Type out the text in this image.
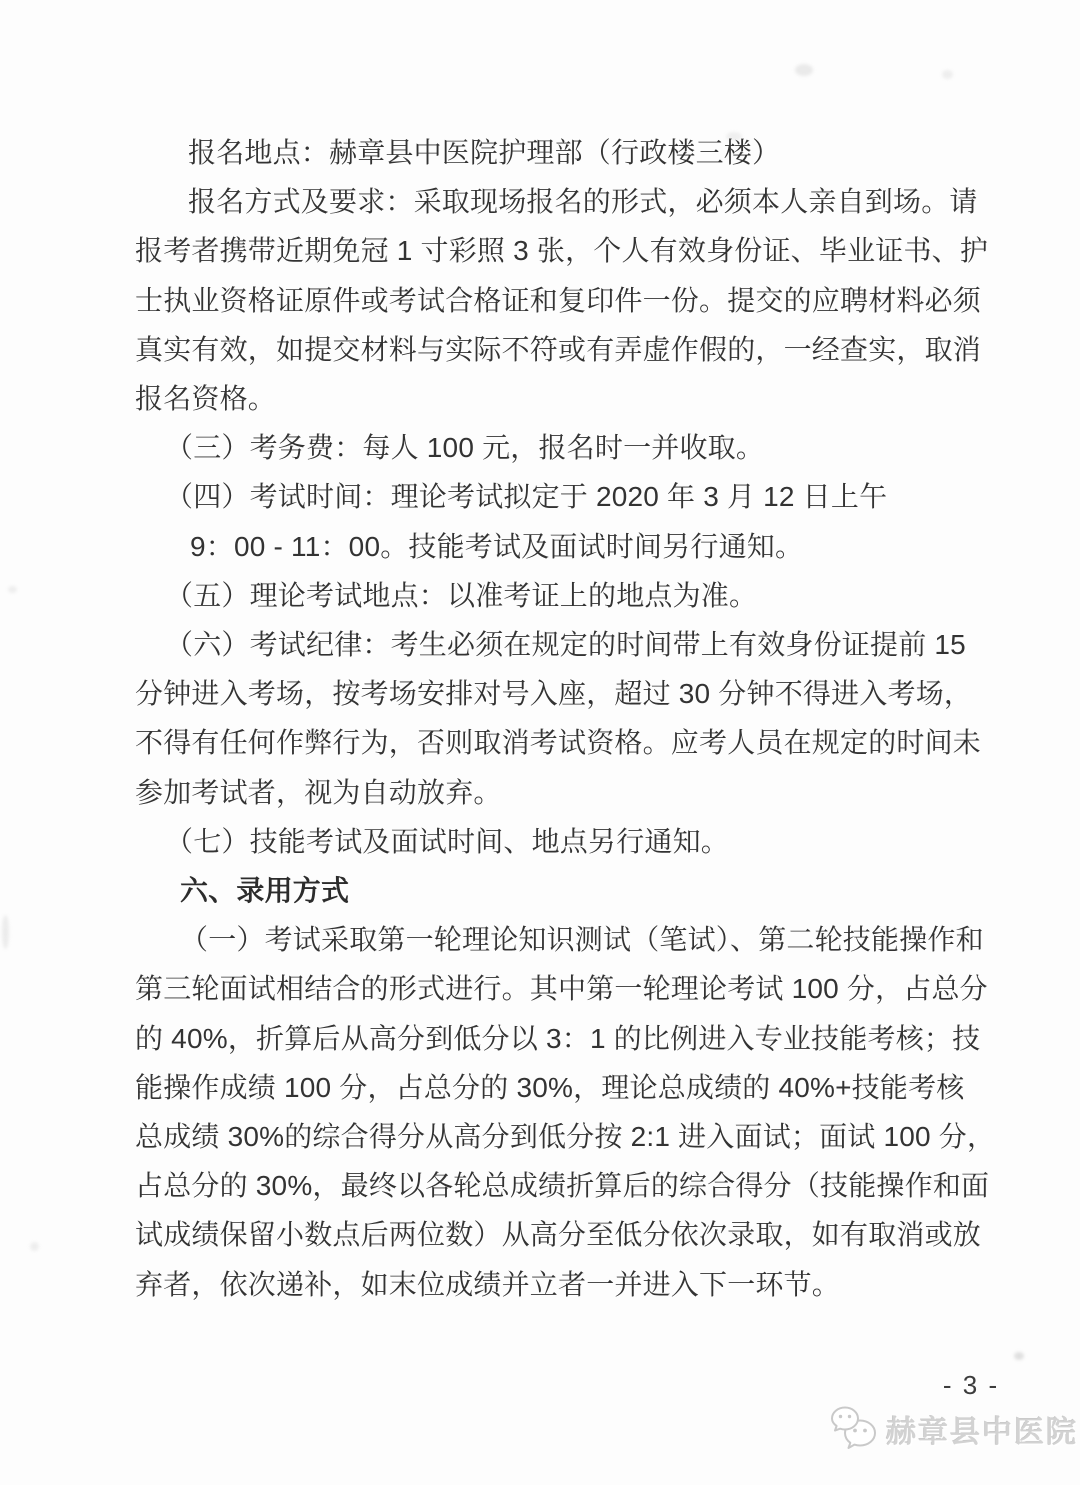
报名地点：赫章县中医院护理部（行政楼三楼）
报名方式及要求：采取现场报名的形式，必须本人亲自到场。请
报考者携带近期免冠 1 寸彩照 3 张，个人有效身份证、毕业证书、护
士执业资格证原件或考试合格证和复印件一份。提交的应聘材料必须
真实有效，如提交材料与实际不符或有弄虚作假的，一经查实，取消
报名资格。
（三）考务费：每人 100 元，报名时一并收取。
（四）考试时间：理论考试拟定于 2020 年 3 月 12 日上午
9：00 - 11：00。技能考试及面试时间另行通知。
（五）理论考试地点：以准考证上的地点为准。
（六）考试纪律：考生必须在规定的时间带上有效身份证提前 15
分钟进入考场，按考场安排对号入座，超过 30 分钟不得进入考场，
不得有任何作弊行为，否则取消考试资格。应考人员在规定的时间未
参加考试者，视为自动放弃。
（七）技能考试及面试时间、地点另行通知。
六、录用方式
（一）考试采取第一轮理论知识测试（笔试）、第二轮技能操作和
第三轮面试相结合的形式进行。其中第一轮理论考试 100 分，占总分
的 40%，折算后从高分到低分以 3：1 的比例进入专业技能考核；技
能操作成绩 100 分，占总分的 30%，理论总成绩的 40%+技能考核
总成绩 30%的综合得分从高分到低分按 2:1 进入面试；面试 100 分，
占总分的 30%，最终以各轮总成绩折算后的综合得分（技能操作和面
试成绩保留小数点后两位数）从高分至低分依次录取，如有取消或放
弃者，依次递补，如末位成绩并立者一并进入下一环节。
- 3 -
赫章县中医院
